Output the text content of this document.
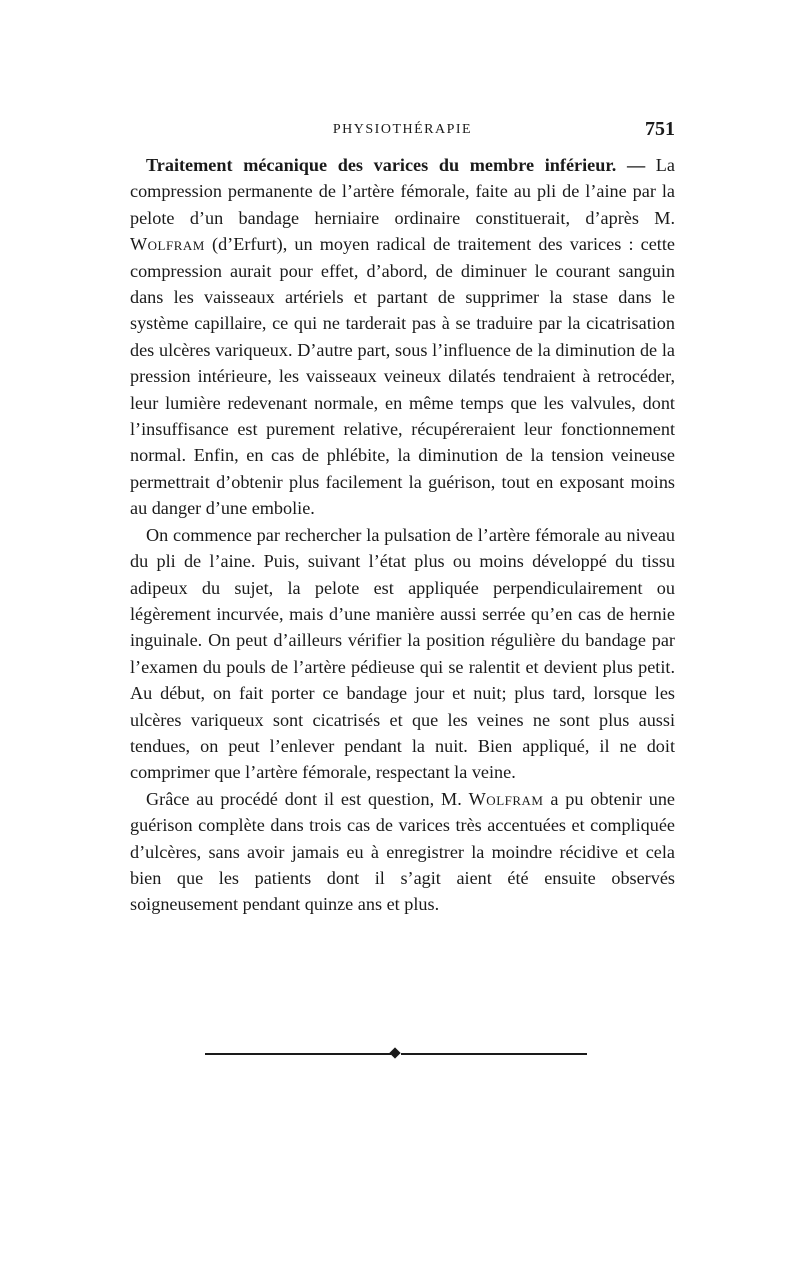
PHYSIOTHÉRAPIE	751

Traitement mécanique des varices du membre inférieur. — La compression permanente de l’artère fémorale, faite au pli de l’aine par la pelote d’un bandage herniaire ordinaire constituerait, d’après M. Wolfram (d’Erfurt), un moyen radical de traitement des varices : cette compression aurait pour effet, d’abord, de diminuer le courant sanguin dans les vaisseaux artériels et partant de supprimer la stase dans le système capillaire, ce qui ne tarderait pas à se traduire par la cicatrisation des ulcères variqueux. D’autre part, sous l’influence de la diminution de la pression intérieure, les vaisseaux veineux dilatés tendraient à retrocéder, leur lumière redevenant normale, en même temps que les valvules, dont l’insuffisance est purement relative, récupéreraient leur fonctionnement normal. Enfin, en cas de phlébite, la diminution de la tension veineuse permettrait d’obtenir plus facilement la guérison, tout en exposant moins au danger d’une embolie.

On commence par rechercher la pulsation de l’artère fémorale au niveau du pli de l’aine. Puis, suivant l’état plus ou moins développé du tissu adipeux du sujet, la pelote est appliquée perpendiculairement ou légèrement incurvée, mais d’une manière aussi serrée qu’en cas de hernie inguinale. On peut d’ailleurs vérifier la position régulière du bandage par l’examen du pouls de l’artère pédieuse qui se ralentit et devient plus petit. Au début, on fait porter ce bandage jour et nuit; plus tard, lorsque les ulcères variqueux sont cicatrisés et que les veines ne sont plus aussi tendues, on peut l’enlever pendant la nuit. Bien appliqué, il ne doit comprimer que l’artère fémorale, respectant la veine.

Grâce au procédé dont il est question, M. Wolfram a pu obtenir une guérison complète dans trois cas de varices très accentuées et compliquée d’ulcères, sans avoir jamais eu à enregistrer la moindre récidive et cela bien que les patients dont il s’agit aient été ensuite observés soigneusement pendant quinze ans et plus.
